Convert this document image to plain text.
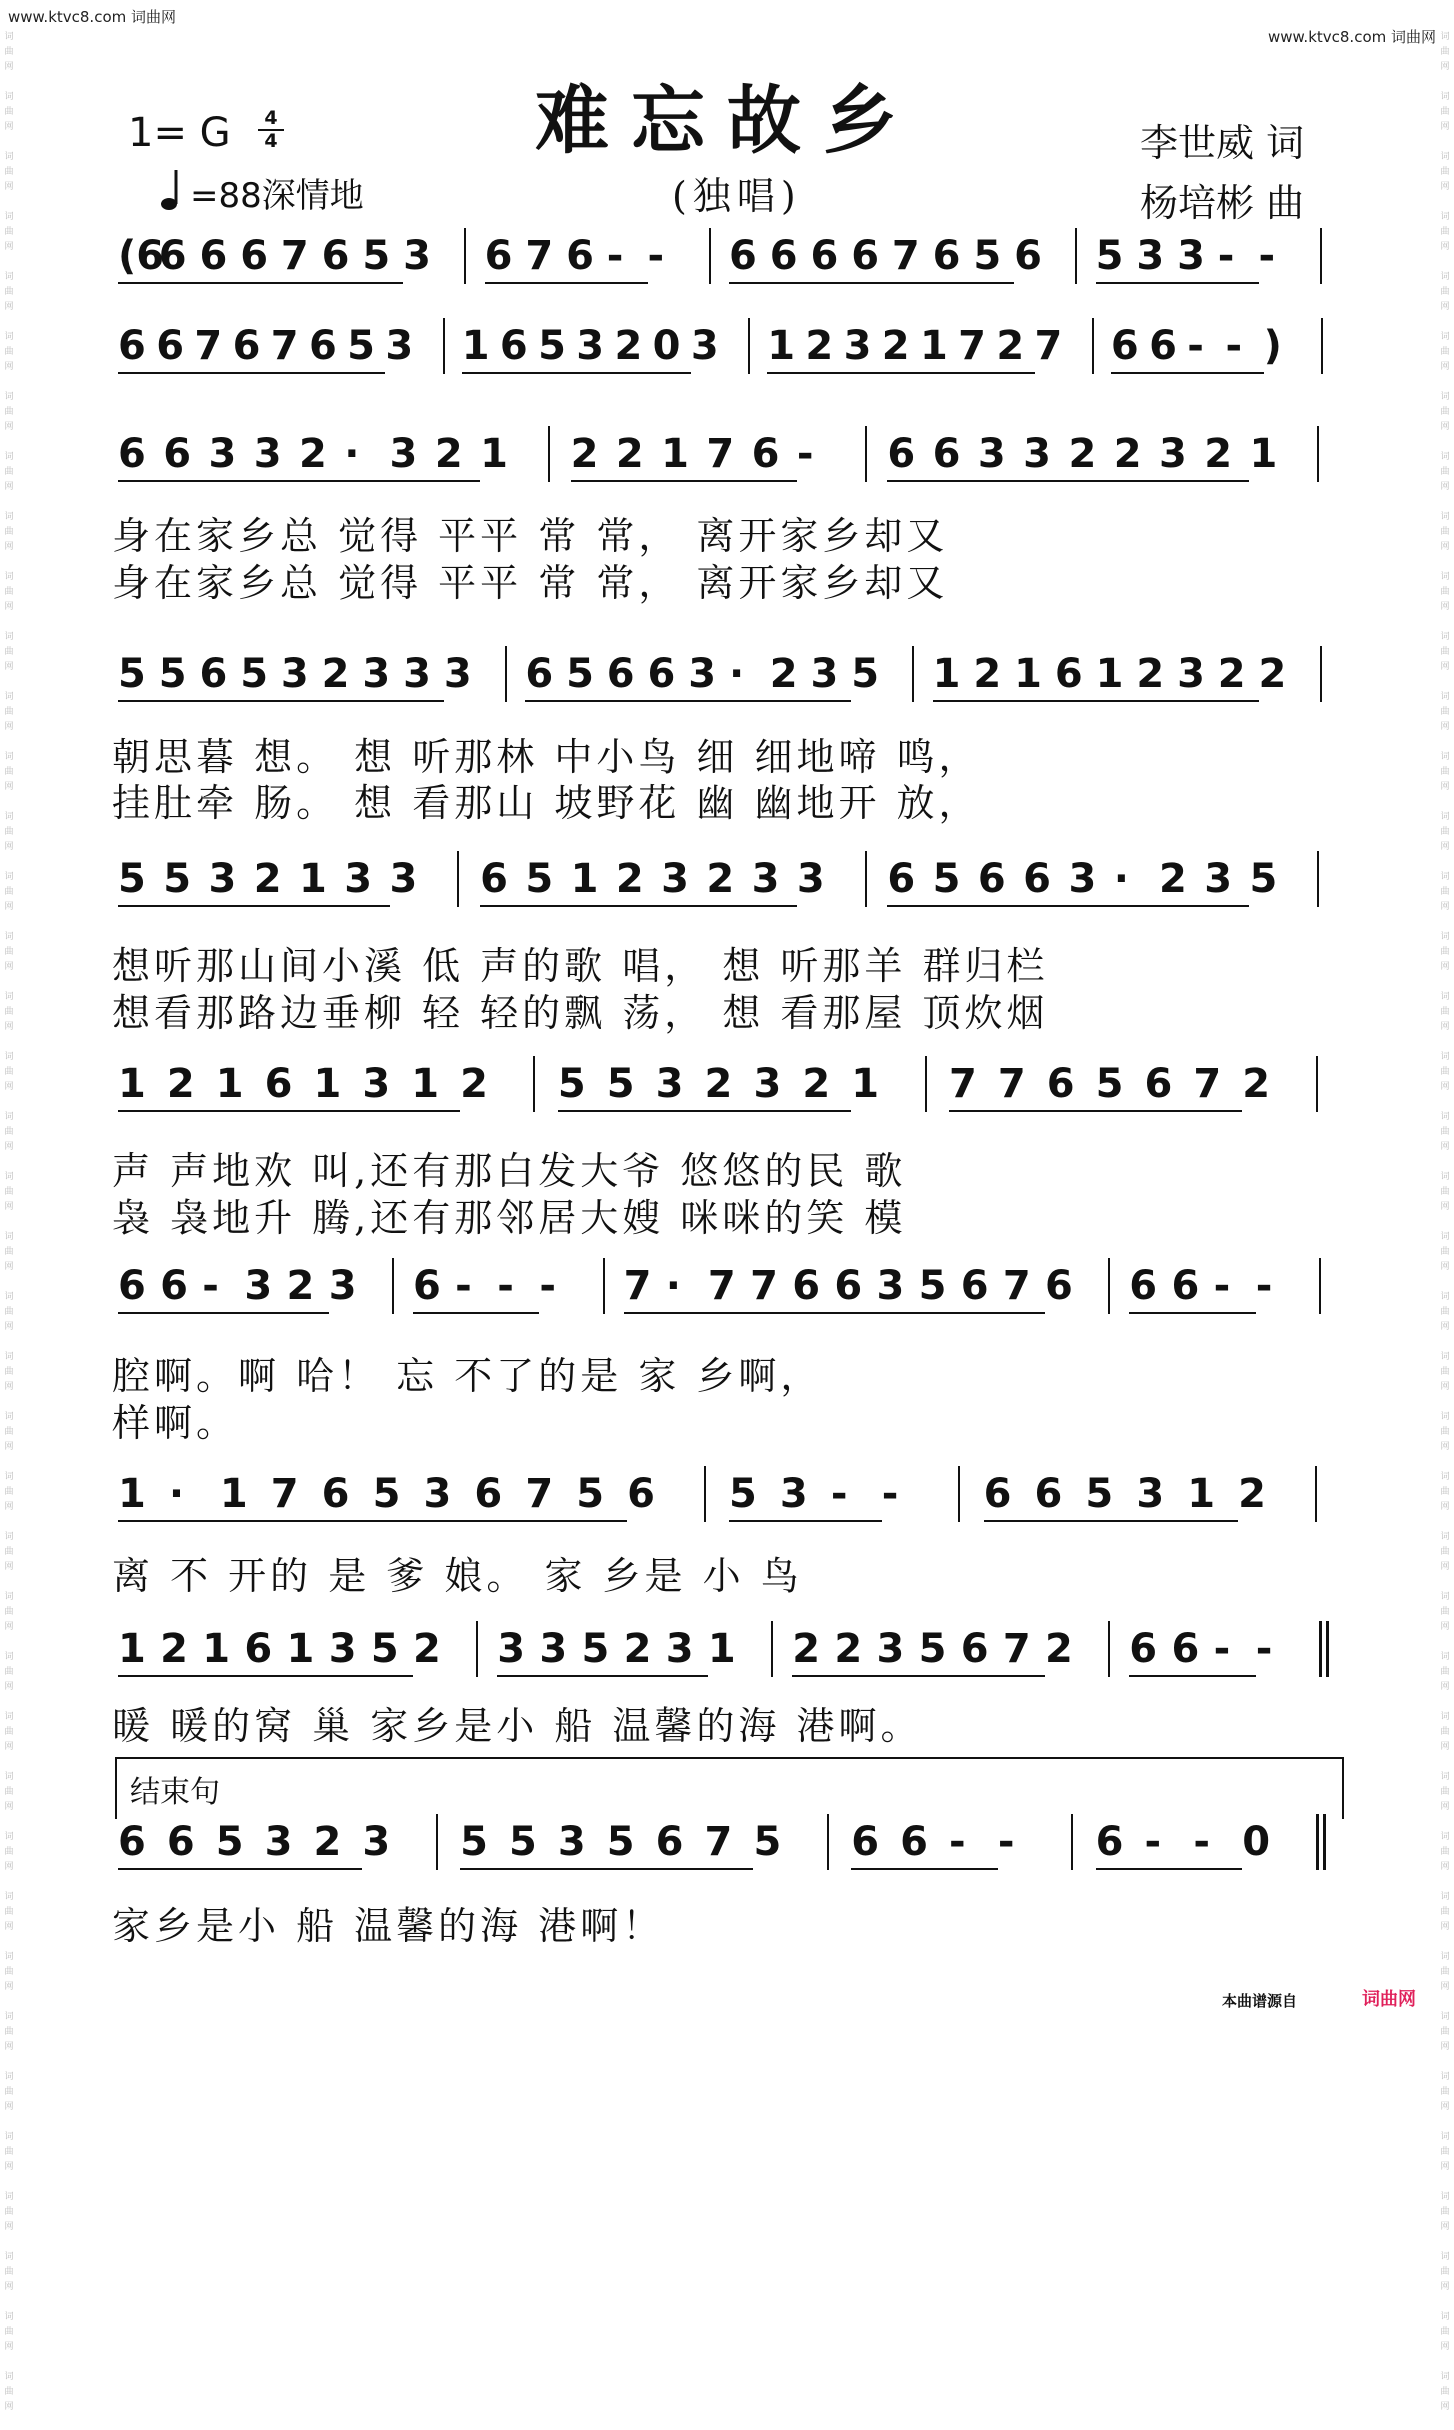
www.ktvc8.com 词曲网
www.ktvc8.com 词曲网
难忘故乡
(独唱)
1= G	4
4
=88深情地
李世威 词
杨培彬 曲
词
曲
网

词
曲
网

词
曲
网

词
曲
网

词
曲
网

词
曲
网

词
曲
网

词
曲
网

词
曲
网

词
曲
网

词
曲
网

词
曲
网

词
曲
网

词
曲
网

词
曲
网

词
曲
网

词
曲
网

词
曲
网

词
曲
网

词
曲
网

词
曲
网

词
曲
网

词
曲
网

词
曲
网

词
曲
网

词
曲
网

词
曲
网

词
曲
网

词
曲
网

词
曲
网

词
曲
网

词
曲
网

词
曲
网

词
曲
网

词
曲
网

词
曲
网

词
曲
网

词
曲
网

词
曲
网

词
曲
网

词
曲
网

词
曲
网

词
曲
网

词
曲
网

词
曲
网

词
曲
网

词
曲
网

词
曲
网

词
曲
网

词
曲
网

词
曲
网

词
曲
网

词
曲
网

词
曲
网

词
曲
网

词
曲
网

词
曲
网

词
曲
网

词
曲
网

词
曲
网

词
曲
网

词
曲
网

词
曲
网

词
曲
网

词
曲
网

词
曲
网

词
曲
网

词
曲
网

词
曲
网

词
曲
网

词
曲
网

词
曲
网

词
曲
网

词
曲
网

词
曲
网

词
曲
网

词
曲
网

词
曲
网

词
曲
网

词
曲
网

(6
6 6 6 7 6 5 3 6 7 6 - - 6 6 6 6 7 6 5 6 5 3 3 - -
6 6 7 6 7 6 5 3 1 6 5 3 2 0 3 1 2 3 2 1 7 2 7 6 6 - - )
6 6 3 3 2 · 3 2 1 2 2 1 7 6 - 6 6 3 3 2 2 3 2 1
5 5 6 5 3 2 3 3 3 6 5 6 6 3 · 2 3 5 1 2 1 6 1 2 3 2 2
5 5 3 2 1 3 3 6 5 1 2 3 2 3 3 6 5 6 6 3 · 2 3 5
1 2 1 6 1 3 1 2 5 5 3 2 3 2 1 7 7 6 5 6 7 2
6 6 - 3 2 3 6 - - - 7 · 7 7 6 6 3 5 6 7 6 6 6 - -
1 · 1 7 6 5 3 6 7 5 6 5 3 - - 6 6 5 3 1 2
1 2 1 6 1 3 5 2 3 3 5 2 3 1 2 2 3 5 6 7 2 6 6 - -
6 6 5 3 2 3 5 5 3 5 6 7 5 6 6 - - 6 - - 0
结束句
本曲谱源自	词曲网
身在家乡总 觉得 平平 常 常， 离开家乡却又
身在家乡总 觉得 平平 常 常， 离开家乡却又
朝思暮 想。 想 听那林 中小鸟 细 细地啼 鸣，
挂肚牵 肠。 想 看那山 坡野花 幽 幽地开 放，
想听那山间小溪 低 声的歌 唱， 想 听那羊 群归栏
想看那路边垂柳 轻 轻的飘 荡， 想 看那屋 顶炊烟
声 声地欢 叫,还有那白发大爷 悠悠的民 歌
袅 袅地升 腾,还有那邻居大嫂 咪咪的笑 模
腔啊。啊 哈！ 忘 不了的是 家 乡啊，
样啊。
离 不 开的 是 爹 娘。 家 乡是 小 鸟
暖 暖的窝 巢 家乡是小 船 温馨的海 港啊。
家乡是小 船 温馨的海 港啊！
